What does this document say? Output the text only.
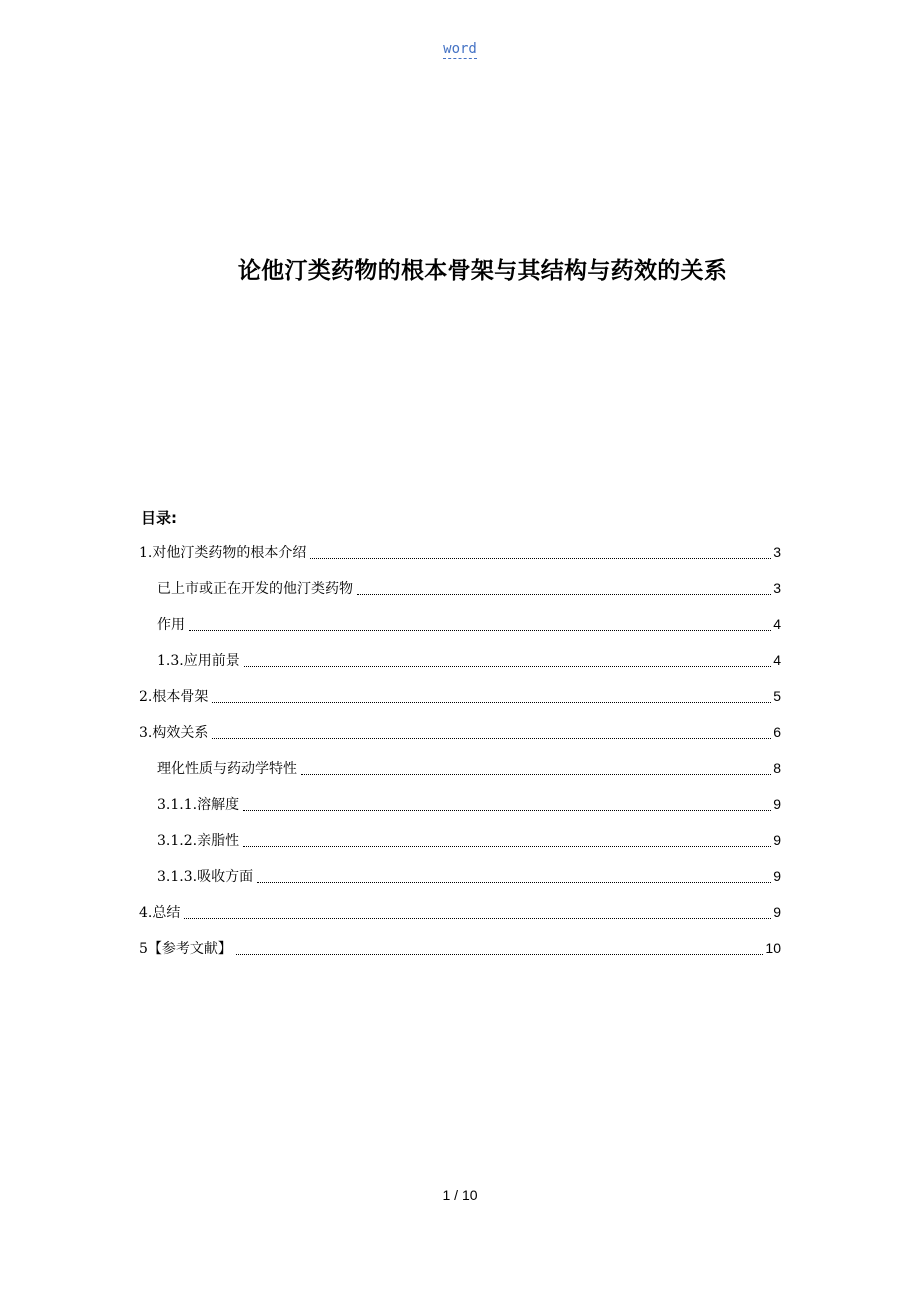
word
论他汀类药物的根本骨架与其结构与药效的关系
目录:
1.对他汀类药物的根本介绍	3
已上市或正在开发的他汀类药物	3
作用	4
1.3.应用前景	4
2.根本骨架	5
3.构效关系	6
理化性质与药动学特性	8
3.1.1.溶解度	9
3.1.2.亲脂性	9
3.1.3.吸收方面	9
4.总结	9
5【参考文献】	10
1 / 10
